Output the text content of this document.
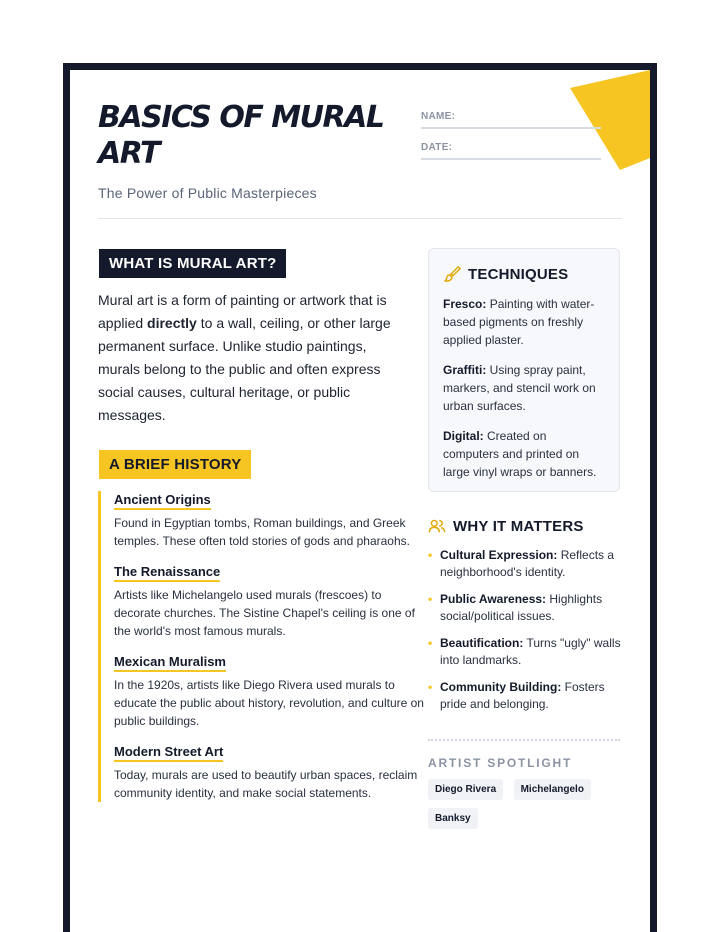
BASICS OF MURAL ART
The Power of Public Masterpieces
NAME:
DATE:
WHAT IS MURAL ART?
Mural art is a form of painting or artwork that is applied directly to a wall, ceiling, or other large permanent surface. Unlike studio paintings, murals belong to the public and often express social causes, cultural heritage, or public messages.
A BRIEF HISTORY
Ancient Origins
Found in Egyptian tombs, Roman buildings, and Greek temples. These often told stories of gods and pharaohs.
The Renaissance
Artists like Michelangelo used murals (frescoes) to decorate churches. The Sistine Chapel's ceiling is one of the world's most famous murals.
Mexican Muralism
In the 1920s, artists like Diego Rivera used murals to educate the public about history, revolution, and culture on public buildings.
Modern Street Art
Today, murals are used to beautify urban spaces, reclaim community identity, and make social statements.
TECHNIQUES
Fresco: Painting with water-based pigments on freshly applied plaster.
Graffiti: Using spray paint, markers, and stencil work on urban surfaces.
Digital: Created on computers and printed on large vinyl wraps or banners.
WHY IT MATTERS
• Cultural Expression: Reflects a neighborhood's identity.
• Public Awareness: Highlights social/political issues.
• Beautification: Turns "ugly" walls into landmarks.
• Community Building: Fosters pride and belonging.
ARTIST SPOTLIGHT
Diego Rivera Michelangelo Banksy
